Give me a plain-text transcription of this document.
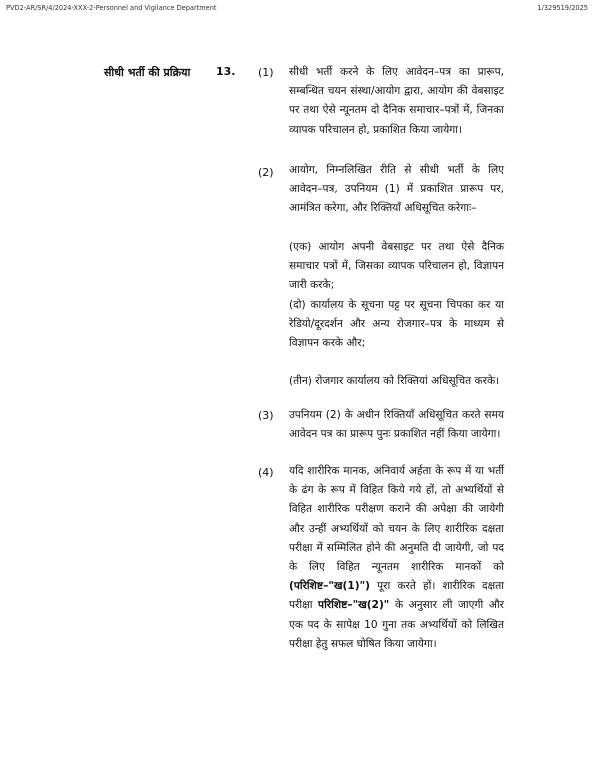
PVD2-AR/SR/4/2024-XXX-2-Personnel and Vigilance Department	1/329519/2025
सीधी भर्ती की प्रक्रिया 13. (1) सीधी भर्ती करने के लिए आवेदन–पत्र का प्रारूप, सम्बन्धित चयन संस्था/आयोग द्वारा, आयोग की वेबसाइट पर तथा ऐसे न्यूनतम दो दैनिक समाचार–पत्रों में, जिनका व्यापक परिचालन हो, प्रकाशित किया जायेगा।
(2) आयोग, निम्नलिखित रीति से सीधी भर्ती के लिए आवेदन–पत्र, उपनियम (1) में प्रकाशित प्रारूप पर, आमंत्रित करेगा, और रिक्तियाँ अधिसूचित करेगाः–
(एक) आयोग अपनी वेबसाइट पर तथा ऐसे दैनिक समाचार पत्रों में, जिसका व्यापक परिचालन हो, विज्ञापन जारी करके;
(दो) कार्यालय के सूचना पट्ट पर सूचना चिपका कर या रेडियो/दूरदर्शन और अन्य रोजगार–पत्र के माध्यम से विज्ञापन करके और;
(तीन) रोजगार कार्यालय को रिक्तियां अधिसूचित करके।
(3) उपनियम (2) के अधीन रिक्तियाँ अधिसूचित करते समय आवेदन पत्र का प्रारूप पुनः प्रकाशित नहीं किया जायेगा।
(4) यदि शारीरिक मानक, अनिवार्य अर्हता के रूप में या भर्ती के ढंग के रूप में विहित किये गये हों, तो अभ्यर्थियों से विहित शारीरिक परीक्षण कराने की अपेक्षा की जायेगी और उन्हीं अभ्यर्थियों को चयन के लिए शारीरिक दक्षता परीक्षा में सम्मिलित होने की अनुमति दी जायेगी, जो पद के लिए विहित न्यूनतम शारीरिक मानकों को (परिशिष्ट–"ख(1)") पूरा करते हों। शारीरिक दक्षता परीक्षा परिशिष्ट–"ख(2)" के अनुसार ली जाएगी और एक पद के सापेक्ष 10 गुना तक अभ्यर्थियों को लिखित परीक्षा हेतु सफल घोषित किया जायेगा।
